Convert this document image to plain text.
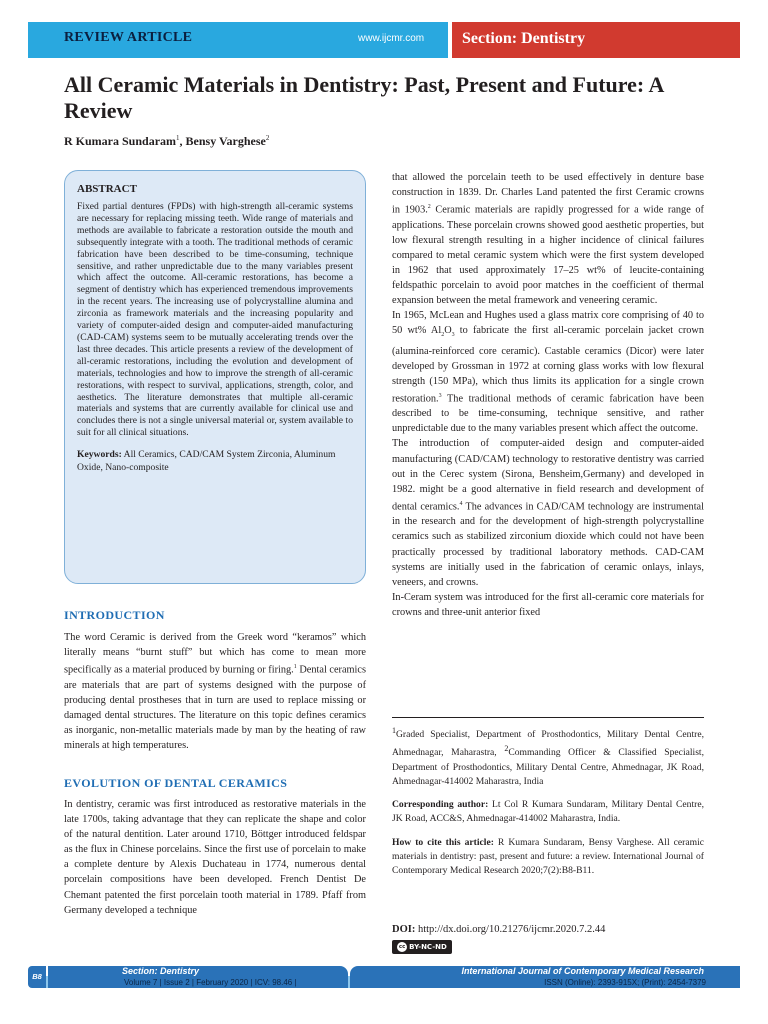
REVIEW ARTICLE	www.ijcmr.com Section: Dentistry
All Ceramic Materials in Dentistry: Past, Present and Future: A Review
R Kumara Sundaram$^1$, Bensy Varghese$^2$
ABSTRACT

Fixed partial dentures (FPDs) with high-strength all-ceramic systems are necessary for replacing missing teeth. Wide range of materials and methods are available to fabricate a restoration outside the mouth and subsequently integrate with a tooth. The traditional methods of ceramic fabrication have been described to be time-consuming, technique sensitive, and rather unpredictable due to the many variables present which affect the outcome. All-ceramic restorations, has become a segment of dentistry which has experienced tremendous improvements in the recent years. The increasing use of polycrystalline alumina and zirconia as framework materials and the increasing popularity and variety of computer-aided design and computer-aided manufacturing (CAD-CAM) systems seem to be mutually accelerating trends over the last three decades. This article presents a review of the development of all-ceramic restorations, including the evolution and development of materials, technologies and how to improve the strength of all-ceramic restorations, with respect to survival, applications, strength, color, and aesthetics. The literature demonstrates that multiple all-ceramic materials and systems that are currently available for clinical use and concludes there is not a single universal material or, system available to suit for all clinical situations.

Keywords: All Ceramics, CAD/CAM System Zirconia, Aluminum Oxide, Nano-composite
INTRODUCTION

The word Ceramic is derived from the Greek word “keramos” which literally means “burnt stuff” but which has come to mean more specifically as a material produced by burning or firing.$^1$ Dental ceramics are materials that are part of systems designed with the purpose of producing dental prostheses that in turn are used to replace missing or damaged dental structures. The literature on this topic defines ceramics as inorganic, non-metallic materials made by man by the heating of raw minerals at high temperatures.

EVOLUTION OF DENTAL CERAMICS

In dentistry, ceramic was first introduced as restorative materials in the late 1700s, taking advantage that they can replicate the shape and color of the natural dentition. Later around 1710, Böttger introduced feldspar as the flux in Chinese porcelains. Since the first use of porcelain to make a complete denture by Alexis Duchateau in 1774, numerous dental porcelain compositions have been developed. French Dentist De Chemant patented the first porcelain tooth material in 1789. Pfaff from Germany developed a technique

that allowed the porcelain teeth to be used effectively in denture base construction in 1839. Dr. Charles Land patented the first Ceramic crowns in 1903.$^2$ Ceramic materials are rapidly progressed for a wide range of applications. These porcelain crowns showed good aesthetic properties, but low flexural strength resulting in a higher incidence of clinical failures compared to metal ceramic system which were the first system developed in 1962 that used approximately 17–25 wt% of leucite-containing feldspathic porcelain to avoid poor matches in the coefficient of thermal expansion between the metal framework and veneering ceramic.

In 1965, McLean and Hughes used a glass matrix core comprising of 40 to 50 wt% $Al_2O_3$ to fabricate the first all-ceramic porcelain jacket crown (alumina-reinforced core ceramic). Castable ceramics (Dicor) were later developed by Grossman in 1972 at corning glass works with low flexural strength (150 MPa), which thus limits its application for a single crown restoration.$^3$ The traditional methods of ceramic fabrication have been described to be time-consuming, technique sensitive, and rather unpredictable due to the many variables present which affect the outcome.

The introduction of computer-aided design and computer-aided manufacturing (CAD/CAM) technology to restorative dentistry was carried out in the Cerec system (Sirona, Bensheim,Germany) and developed in 1982. might be a good alternative in field research and development of dental ceramics.$^4$ The advances in CAD/CAM technology are instrumental in the research and for the development of high-strength polycrystalline ceramics such as stabilized zirconium dioxide which could not have been practically processed by traditional laboratory methods. CAD-CAM systems are initially used in the fabrication of ceramic onlays, inlays, veneers, and crowns.

In-Ceram system was introduced for the first all-ceramic core materials for crowns and three-unit anterior fixed

$^1$Graded Specialist, Department of Prosthodontics, Military Dental Centre, Ahmednagar, Maharastra, $^2$Commanding Officer & Classified Specialist, Department of Prosthodontics, Military Dental Centre, Ahmednagar, JK Road, Ahmednagar-414002 Maharastra, India

Corresponding author: Lt Col R Kumara Sundaram, Military Dental Centre, JK Road, ACC&S, Ahmednagar-414002 Maharastra, India.

How to cite this article: R Kumara Sundaram, Bensy Varghese. All ceramic materials in dentistry: past, present and future: a review. International Journal of Contemporary Medical Research 2020;7(2):B8-B11.

DOI: http://dx.doi.org/10.21276/ijcmr.2020.7.2.44
cc BY-NC-ND
B8
Section: Dentistry	International Journal of Contemporary Medical Research
Volume 7 | Issue 2 | February 2020 | ICV: 98.46 |	ISSN (Online): 2393-915X; (Print): 2454-7379
